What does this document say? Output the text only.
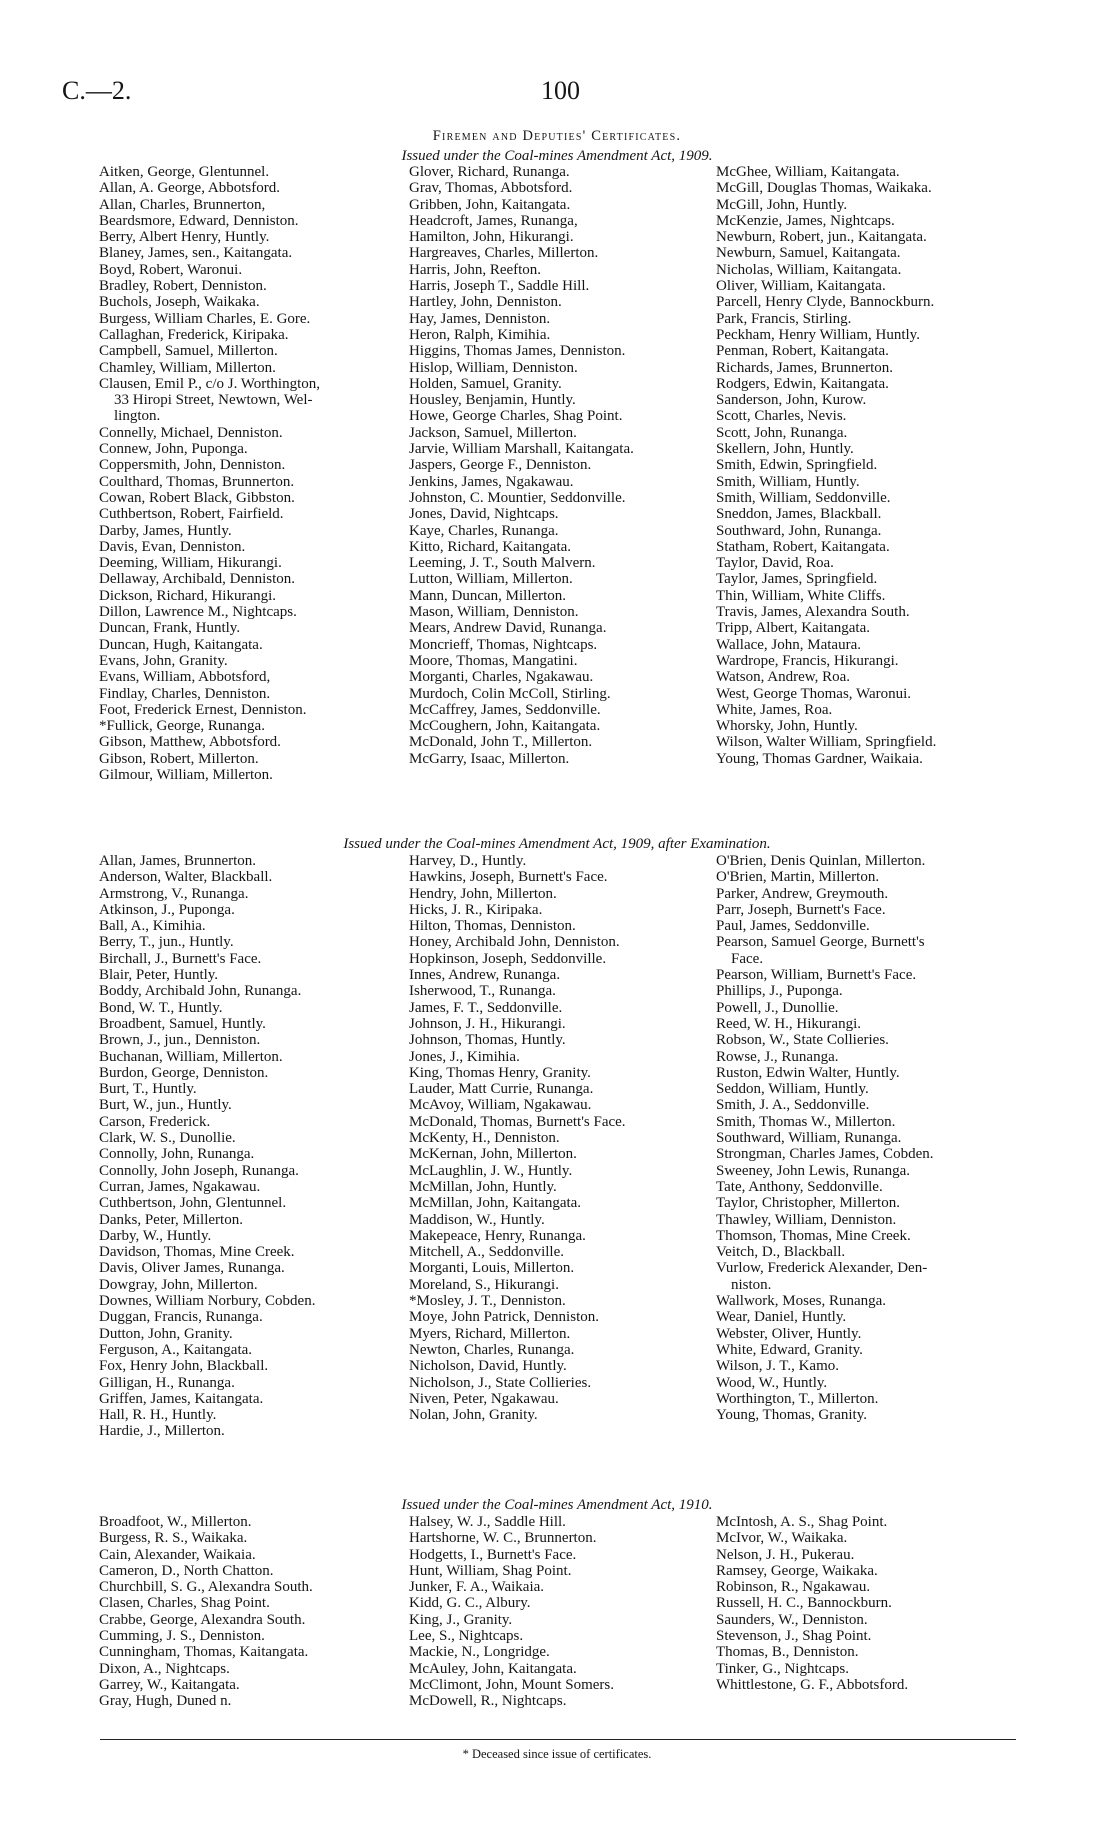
C.—2.	100
Firemen and Deputies' Certificates.
Issued under the Coal-mines Amendment Act, 1909.
Aitken, George, Glentunnel.
Allan, A. George, Abbotsford.
Allan, Charles, Brunnerton,
Beardsmore, Edward, Denniston.
Berry, Albert Henry, Huntly.
Blaney, James, sen., Kaitangata.
Boyd, Robert, Waronui.
Bradley, Robert, Denniston.
Buchols, Joseph, Waikaka.
Burgess, William Charles, E. Gore.
Callaghan, Frederick, Kiripaka.
Campbell, Samuel, Millerton.
Chamley, William, Millerton.
Clausen, Emil P., c/o J. Worthington,
33 Hiropi Street, Newtown, Wel-
lington.
Connelly, Michael, Denniston.
Connew, John, Puponga.
Coppersmith, John, Denniston.
Coulthard, Thomas, Brunnerton.
Cowan, Robert Black, Gibbston.
Cuthbertson, Robert, Fairfield.
Darby, James, Huntly.
Davis, Evan, Denniston.
Deeming, William, Hikurangi.
Dellaway, Archibald, Denniston.
Dickson, Richard, Hikurangi.
Dillon, Lawrence M., Nightcaps.
Duncan, Frank, Huntly.
Duncan, Hugh, Kaitangata.
Evans, John, Granity.
Evans, William, Abbotsford,
Findlay, Charles, Denniston.
Foot, Frederick Ernest, Denniston.
*Fullick, George, Runanga.
Gibson, Matthew, Abbotsford.
Gibson, Robert, Millerton.
Gilmour, William, Millerton.
Glover, Richard, Runanga.
Grav, Thomas, Abbotsford.
Gribben, John, Kaitangata.
Headcroft, James, Runanga,
Hamilton, John, Hikurangi.
Hargreaves, Charles, Millerton.
Harris, John, Reefton.
Harris, Joseph T., Saddle Hill.
Hartley, John, Denniston.
Hay, James, Denniston.
Heron, Ralph, Kimihia.
Higgins, Thomas James, Denniston.
Hislop, William, Denniston.
Holden, Samuel, Granity.
Housley, Benjamin, Huntly.
Howe, George Charles, Shag Point.
Jackson, Samuel, Millerton.
Jarvie, William Marshall, Kaitangata.
Jaspers, George F., Denniston.
Jenkins, James, Ngakawau.
Johnston, C. Mountier, Seddonville.
Jones, David, Nightcaps.
Kaye, Charles, Runanga.
Kitto, Richard, Kaitangata.
Leeming, J. T., South Malvern.
Lutton, William, Millerton.
Mann, Duncan, Millerton.
Mason, William, Denniston.
Mears, Andrew David, Runanga.
Moncrieff, Thomas, Nightcaps.
Moore, Thomas, Mangatini.
Morganti, Charles, Ngakawau.
Murdoch, Colin McColl, Stirling.
McCaffrey, James, Seddonville.
McCoughern, John, Kaitangata.
McDonald, John T., Millerton.
McGarry, Isaac, Millerton.
McGhee, William, Kaitangata.
McGill, Douglas Thomas, Waikaka.
McGill, John, Huntly.
McKenzie, James, Nightcaps.
Newburn, Robert, jun., Kaitangata.
Newburn, Samuel, Kaitangata.
Nicholas, William, Kaitangata.
Oliver, William, Kaitangata.
Parcell, Henry Clyde, Bannockburn.
Park, Francis, Stirling.
Peckham, Henry William, Huntly.
Penman, Robert, Kaitangata.
Richards, James, Brunnerton.
Rodgers, Edwin, Kaitangata.
Sanderson, John, Kurow.
Scott, Charles, Nevis.
Scott, John, Runanga.
Skellern, John, Huntly.
Smith, Edwin, Springfield.
Smith, William, Huntly.
Smith, William, Seddonville.
Sneddon, James, Blackball.
Southward, John, Runanga.
Statham, Robert, Kaitangata.
Taylor, David, Roa.
Taylor, James, Springfield.
Thin, William, White Cliffs.
Travis, James, Alexandra South.
Tripp, Albert, Kaitangata.
Wallace, John, Mataura.
Wardrope, Francis, Hikurangi.
Watson, Andrew, Roa.
West, George Thomas, Waronui.
White, James, Roa.
Whorsky, John, Huntly.
Wilson, Walter William, Springfield.
Young, Thomas Gardner, Waikaia.
Issued under the Coal-mines Amendment Act, 1909, after Examination.
Allan, James, Brunnerton.
Anderson, Walter, Blackball.
Armstrong, V., Runanga.
Atkinson, J., Puponga.
Ball, A., Kimihia.
Berry, T., jun., Huntly.
Birchall, J., Burnett's Face.
Blair, Peter, Huntly.
Boddy, Archibald John, Runanga.
Bond, W. T., Huntly.
Broadbent, Samuel, Huntly.
Brown, J., jun., Denniston.
Buchanan, William, Millerton.
Burdon, George, Denniston.
Burt, T., Huntly.
Burt, W., jun., Huntly.
Carson, Frederick.
Clark, W. S., Dunollie.
Connolly, John, Runanga.
Connolly, John Joseph, Runanga.
Curran, James, Ngakawau.
Cuthbertson, John, Glentunnel.
Danks, Peter, Millerton.
Darby, W., Huntly.
Davidson, Thomas, Mine Creek.
Davis, Oliver James, Runanga.
Dowgray, John, Millerton.
Downes, William Norbury, Cobden.
Duggan, Francis, Runanga.
Dutton, John, Granity.
Ferguson, A., Kaitangata.
Fox, Henry John, Blackball.
Gilligan, H., Runanga.
Griffen, James, Kaitangata.
Hall, R. H., Huntly.
Hardie, J., Millerton.
Harvey, D., Huntly.
Hawkins, Joseph, Burnett's Face.
Hendry, John, Millerton.
Hicks, J. R., Kiripaka.
Hilton, Thomas, Denniston.
Honey, Archibald John, Denniston.
Hopkinson, Joseph, Seddonville.
Innes, Andrew, Runanga.
Isherwood, T., Runanga.
James, F. T., Seddonville.
Johnson, J. H., Hikurangi.
Johnson, Thomas, Huntly.
Jones, J., Kimihia.
King, Thomas Henry, Granity.
Lauder, Matt Currie, Runanga.
McAvoy, William, Ngakawau.
McDonald, Thomas, Burnett's Face.
McKenty, H., Denniston.
McKernan, John, Millerton.
McLaughlin, J. W., Huntly.
McMillan, John, Huntly.
McMillan, John, Kaitangata.
Maddison, W., Huntly.
Makepeace, Henry, Runanga.
Mitchell, A., Seddonville.
Morganti, Louis, Millerton.
Moreland, S., Hikurangi.
*Mosley, J. T., Denniston.
Moye, John Patrick, Denniston.
Myers, Richard, Millerton.
Newton, Charles, Runanga.
Nicholson, David, Huntly.
Nicholson, J., State Collieries.
Niven, Peter, Ngakawau.
Nolan, John, Granity.
O'Brien, Denis Quinlan, Millerton.
O'Brien, Martin, Millerton.
Parker, Andrew, Greymouth.
Parr, Joseph, Burnett's Face.
Paul, James, Seddonville.
Pearson, Samuel George, Burnett's
Face.
Pearson, William, Burnett's Face.
Phillips, J., Puponga.
Powell, J., Dunollie.
Reed, W. H., Hikurangi.
Robson, W., State Collieries.
Rowse, J., Runanga.
Ruston, Edwin Walter, Huntly.
Seddon, William, Huntly.
Smith, J. A., Seddonville.
Smith, Thomas W., Millerton.
Southward, William, Runanga.
Strongman, Charles James, Cobden.
Sweeney, John Lewis, Runanga.
Tate, Anthony, Seddonville.
Taylor, Christopher, Millerton.
Thawley, William, Denniston.
Thomson, Thomas, Mine Creek.
Veitch, D., Blackball.
Vurlow, Frederick Alexander, Den-
niston.
Wallwork, Moses, Runanga.
Wear, Daniel, Huntly.
Webster, Oliver, Huntly.
White, Edward, Granity.
Wilson, J. T., Kamo.
Wood, W., Huntly.
Worthington, T., Millerton.
Young, Thomas, Granity.
Issued under the Coal-mines Amendment Act, 1910.
Broadfoot, W., Millerton.
Burgess, R. S., Waikaka.
Cain, Alexander, Waikaia.
Cameron, D., North Chatton.
Churchbill, S. G., Alexandra South.
Clasen, Charles, Shag Point.
Crabbe, George, Alexandra South.
Cumming, J. S., Denniston.
Cunningham, Thomas, Kaitangata.
Dixon, A., Nightcaps.
Garrey, W., Kaitangata.
Gray, Hugh, Duned n.
Halsey, W. J., Saddle Hill.
Hartshorne, W. C., Brunnerton.
Hodgetts, I., Burnett's Face.
Hunt, William, Shag Point.
Junker, F. A., Waikaia.
Kidd, G. C., Albury.
King, J., Granity.
Lee, S., Nightcaps.
Mackie, N., Longridge.
McAuley, John, Kaitangata.
McClimont, John, Mount Somers.
McDowell, R., Nightcaps.
McIntosh, A. S., Shag Point.
McIvor, W., Waikaka.
Nelson, J. H., Pukerau.
Ramsey, George, Waikaka.
Robinson, R., Ngakawau.
Russell, H. C., Bannockburn.
Saunders, W., Denniston.
Stevenson, J., Shag Point.
Thomas, B., Denniston.
Tinker, G., Nightcaps.
Whittlestone, G. F., Abbotsford.
* Deceased since issue of certificates.
